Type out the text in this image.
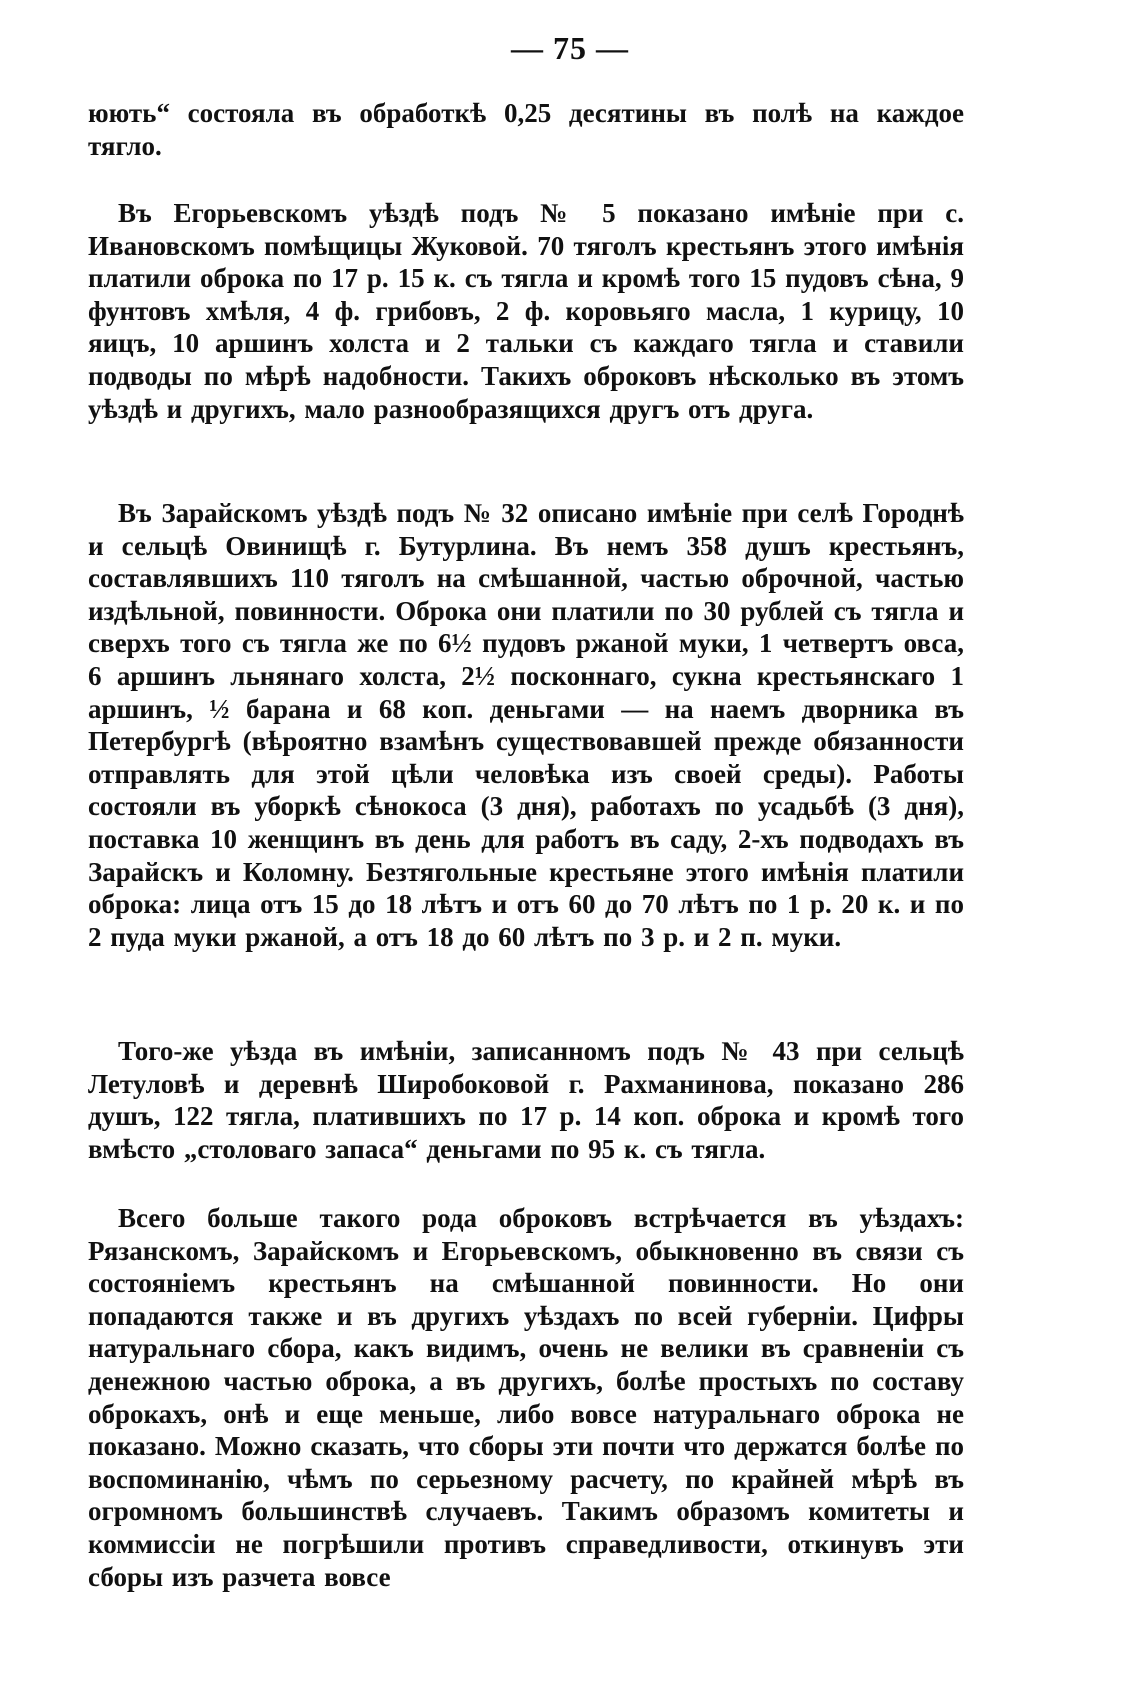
— 75 —

юють“ состояла въ обработкѣ 0,25 десятины въ полѣ на каждое тягло.

Въ Егорьевскомъ уѣздѣ подъ № 5 показано имѣніе при с. Ивановскомъ помѣщицы Жуковой. 70 тяголъ крестьянъ этого имѣнія платили оброка по 17 р. 15 к. съ тягла и кромѣ того 15 пудовъ сѣна, 9 фунтовъ хмѣля, 4 ф. грибовъ, 2 ф. коровьяго масла, 1 курицу, 10 яицъ, 10 аршинъ холста и 2 тальки съ каждаго тягла и ставили подводы по мѣрѣ надобности. Такихъ оброковъ нѣсколько въ этомъ уѣздѣ и другихъ, мало разнообразящихся другъ отъ друга.

Въ Зарайскомъ уѣздѣ подъ № 32 описано имѣніе при селѣ Городнѣ и сельцѣ Овинищѣ г. Бутурлина. Въ немъ 358 душъ крестьянъ, составлявшихъ 110 тяголъ на смѣшанной, частью оброчной, частью издѣльной, повинности. Оброка они платили по 30 рублей съ тягла и сверхъ того съ тягла же по 6½ пудовъ ржаной муки, 1 четвертъ овса, 6 аршинъ льнянаго холста, 2½ посконнаго, сукна крестьянскаго 1 аршинъ, ½ барана и 68 коп. деньгами — на наемъ дворника въ Петербургѣ (вѣроятно взамѣнъ существовавшей прежде обязанности отправлять для этой цѣли человѣка изъ своей среды). Работы состояли въ уборкѣ сѣнокоса (3 дня), работахъ по усадьбѣ (3 дня), поставка 10 женщинъ въ день для работъ въ саду, 2-хъ подводахъ въ Зарайскъ и Коломну. Безтягольные крестьяне этого имѣнія платили оброка: лица отъ 15 до 18 лѣтъ и отъ 60 до 70 лѣтъ по 1 р. 20 к. и по 2 пуда муки ржаной, а отъ 18 до 60 лѣтъ по 3 р. и 2 п. муки.

Того-же уѣзда въ имѣніи, записанномъ подъ № 43 при сельцѣ Летуловѣ и деревнѣ Широбоковой г. Рахманинова, показано 286 душъ, 122 тягла, платившихъ по 17 р. 14 коп. оброка и кромѣ того вмѣсто „столоваго запаса“ деньгами по 95 к. съ тягла.

Всего больше такого рода оброковъ встрѣчается въ уѣздахъ: Рязанскомъ, Зарайскомъ и Егорьевскомъ, обыкновенно въ связи съ состояніемъ крестьянъ на смѣшанной повинности. Но они попадаются также и въ другихъ уѣздахъ по всей губерніи. Цифры натуральнаго сбора, какъ видимъ, очень не велики въ сравненіи съ денежною частью оброка, а въ другихъ, болѣе простыхъ по составу оброкахъ, онѣ и еще меньше, либо вовсе натуральнаго оброка не показано. Можно сказать, что сборы эти почти что держатся болѣе по воспоминанію, чѣмъ по серьезному расчету, по крайней мѣрѣ въ огромномъ большинствѣ случаевъ. Такимъ образомъ комитеты и коммиссіи не погрѣшили противъ справедливости, откинувъ эти сборы изъ разчета вовсе
